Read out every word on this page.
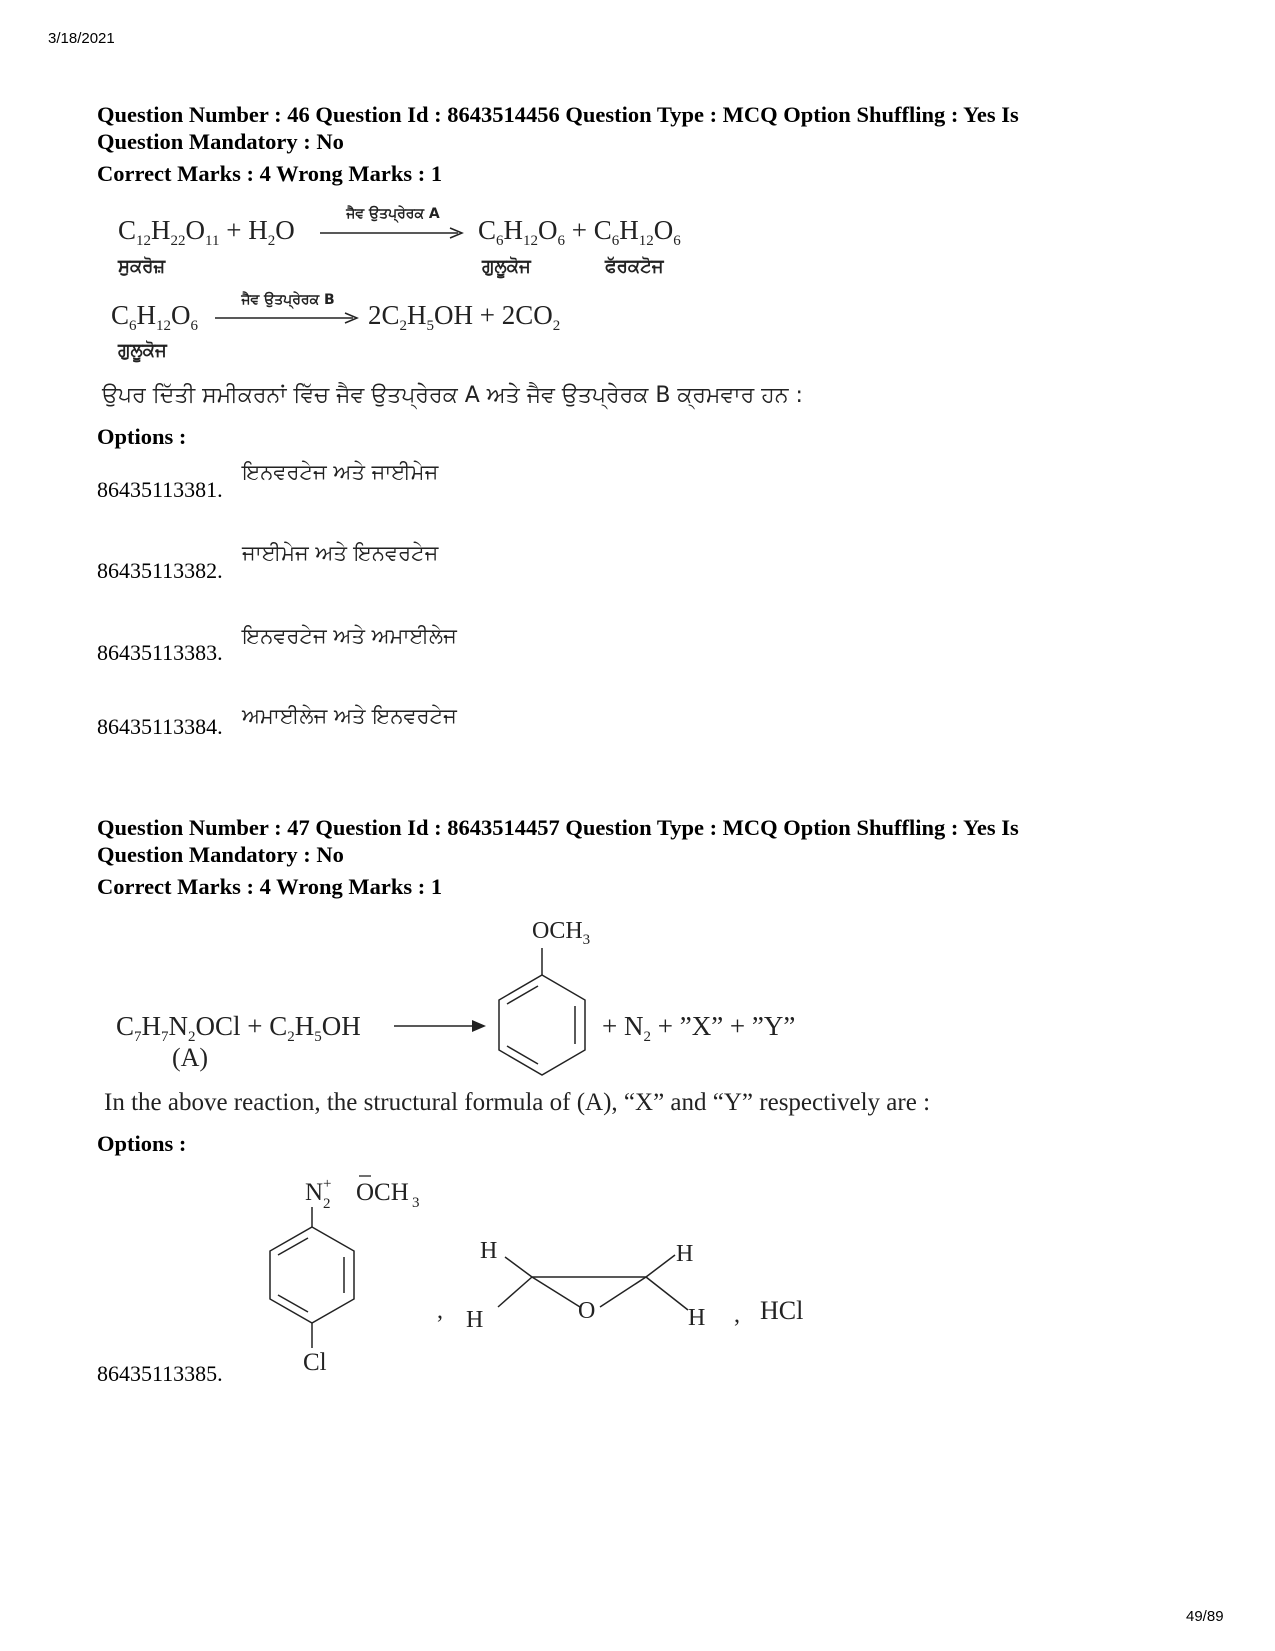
3/18/2021
49/89
Question Number : 46 Question Id : 8643514456 Question Type : MCQ Option Shuffling : Yes Is
Question Mandatory : No
Correct Marks : 4 Wrong Marks : 1
$C_{12}H_{22}O_{11} + H_2O$
ਸੁਕਰੋਜ਼
ਜੈਵ ਉਤਪ੍ਰੇਰਕ A
$C_6H_{12}O_6 + C_6H_{12}O_6$
ਗੁਲੂਕੋਜ	ਫੱਰਕਟੋਜ
$C_6H_{12}O_6$
ਗੁਲੂਕੋਜ
ਜੈਵ ਉਤਪ੍ਰੇਰਕ B	$2C_2H_5OH + 2CO_2$
ਉਪਰ ਦਿੱਤੀ ਸਮੀਕਰਨਾਂ ਵਿੱਚ ਜੈਵ ਉਤਪ੍ਰੇਰਕ A ਅਤੇ ਜੈਵ ਉਤਪ੍ਰੇਰਕ B ਕ੍ਰਮਵਾਰ ਹਨ :
Options :
86435113381.
ਇਨਵਰਟੇਜ ਅਤੇ ਜਾਈਮੇਜ
86435113382.
ਜਾਈਮੇਜ ਅਤੇ ਇਨਵਰਟੇਜ
86435113383.
ਇਨਵਰਟੇਜ ਅਤੇ ਅਮਾਈਲੇਜ
86435113384. ਅਮਾਈਲੇਜ ਅਤੇ ਇਨਵਰਟੇਜ
Question Number : 47 Question Id : 8643514457 Question Type : MCQ Option Shuffling : Yes Is
Question Mandatory : No
Correct Marks : 4 Wrong Marks : 1
$C_7H_7N_2OCl + C_2H_5OH$
(A)
$OCH_3$
+ $N_2$ + ”X” + ”Y”
In the above reaction, the structural formula of (A), “X” and “Y” respectively are :
Options :
86435113385.
N 2
+ OCH 3
Cl
,
H	H
H	H
O	, HCl
